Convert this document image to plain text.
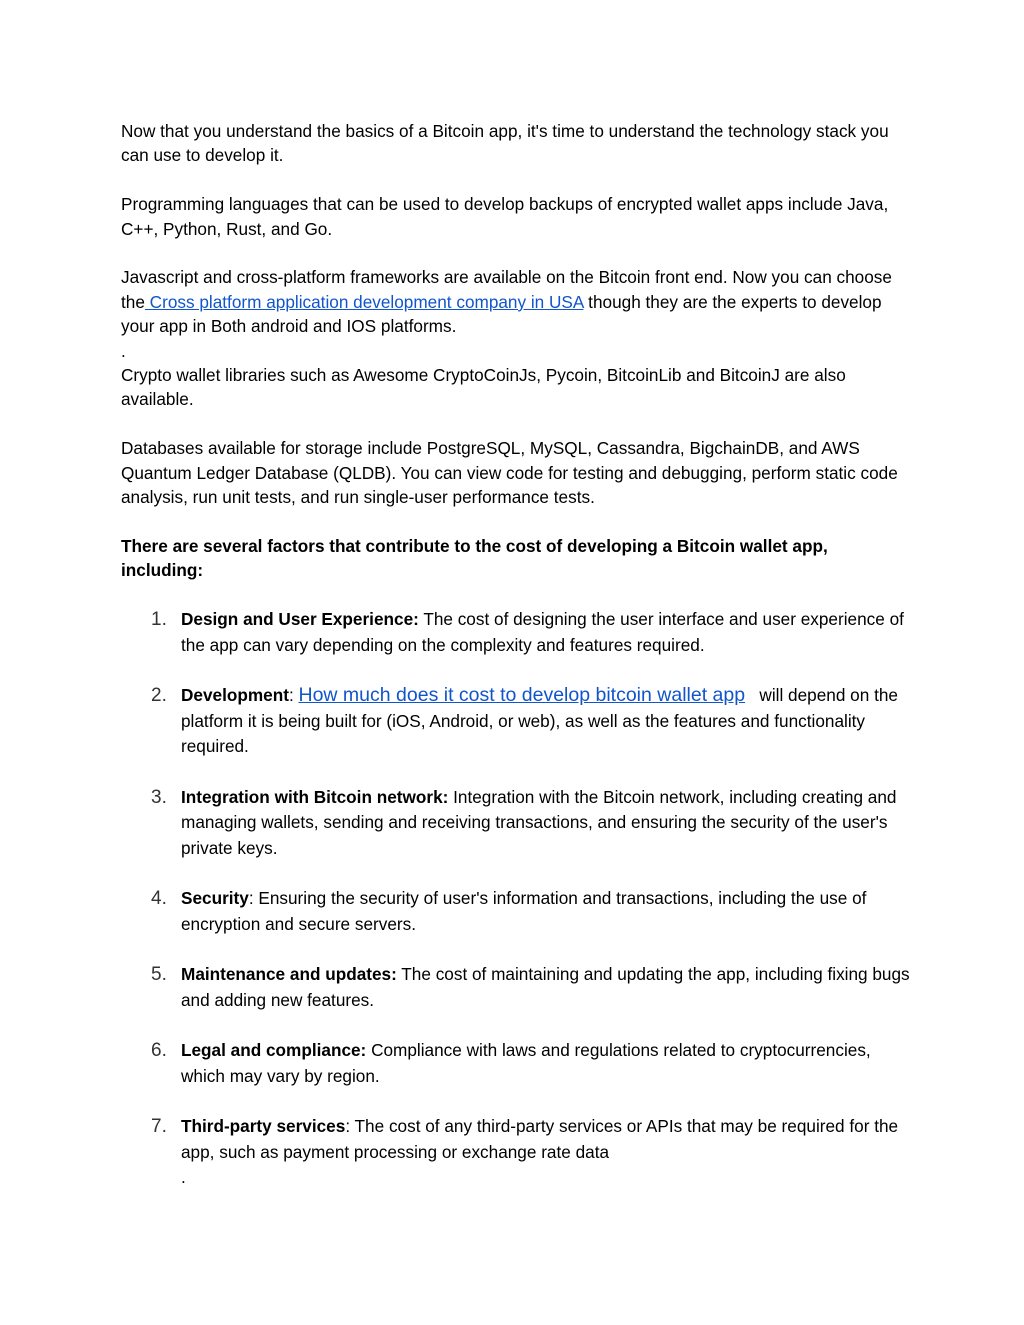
Now that you understand the basics of a Bitcoin app, it's time to understand the technology stack you can use to develop it.

Programming languages that can be used to develop backups of encrypted wallet apps include Java, C++, Python, Rust, and Go.

Javascript and cross-platform frameworks are available on the Bitcoin front end. Now you can choose the Cross platform application development company in USA though they are the experts to develop your app in Both android and IOS platforms.

.

Crypto wallet libraries such as Awesome CryptoCoinJs, Pycoin, BitcoinLib and BitcoinJ are also available.

Databases available for storage include PostgreSQL, MySQL, Cassandra, BigchainDB, and AWS Quantum Ledger Database (QLDB). You can view code for testing and debugging, perform static code analysis, run unit tests, and run single-user performance tests.

There are several factors that contribute to the cost of developing a Bitcoin wallet app, including:

1. Design and User Experience: The cost of designing the user interface and user experience of the app can vary depending on the complexity and features required.
2. Development: How much does it cost to develop bitcoin wallet app   will depend on the platform it is being built for (iOS, Android, or web), as well as the features and functionality required.
3. Integration with Bitcoin network: Integration with the Bitcoin network, including creating and managing wallets, sending and receiving transactions, and ensuring the security of the user's private keys.
4. Security: Ensuring the security of user's information and transactions, including the use of encryption and secure servers.
5. Maintenance and updates: The cost of maintaining and updating the app, including fixing bugs and adding new features.
6. Legal and compliance: Compliance with laws and regulations related to cryptocurrencies, which may vary by region.
7. Third-party services: The cost of any third-party services or APIs that may be required for the app, such as payment processing or exchange rate data
.
